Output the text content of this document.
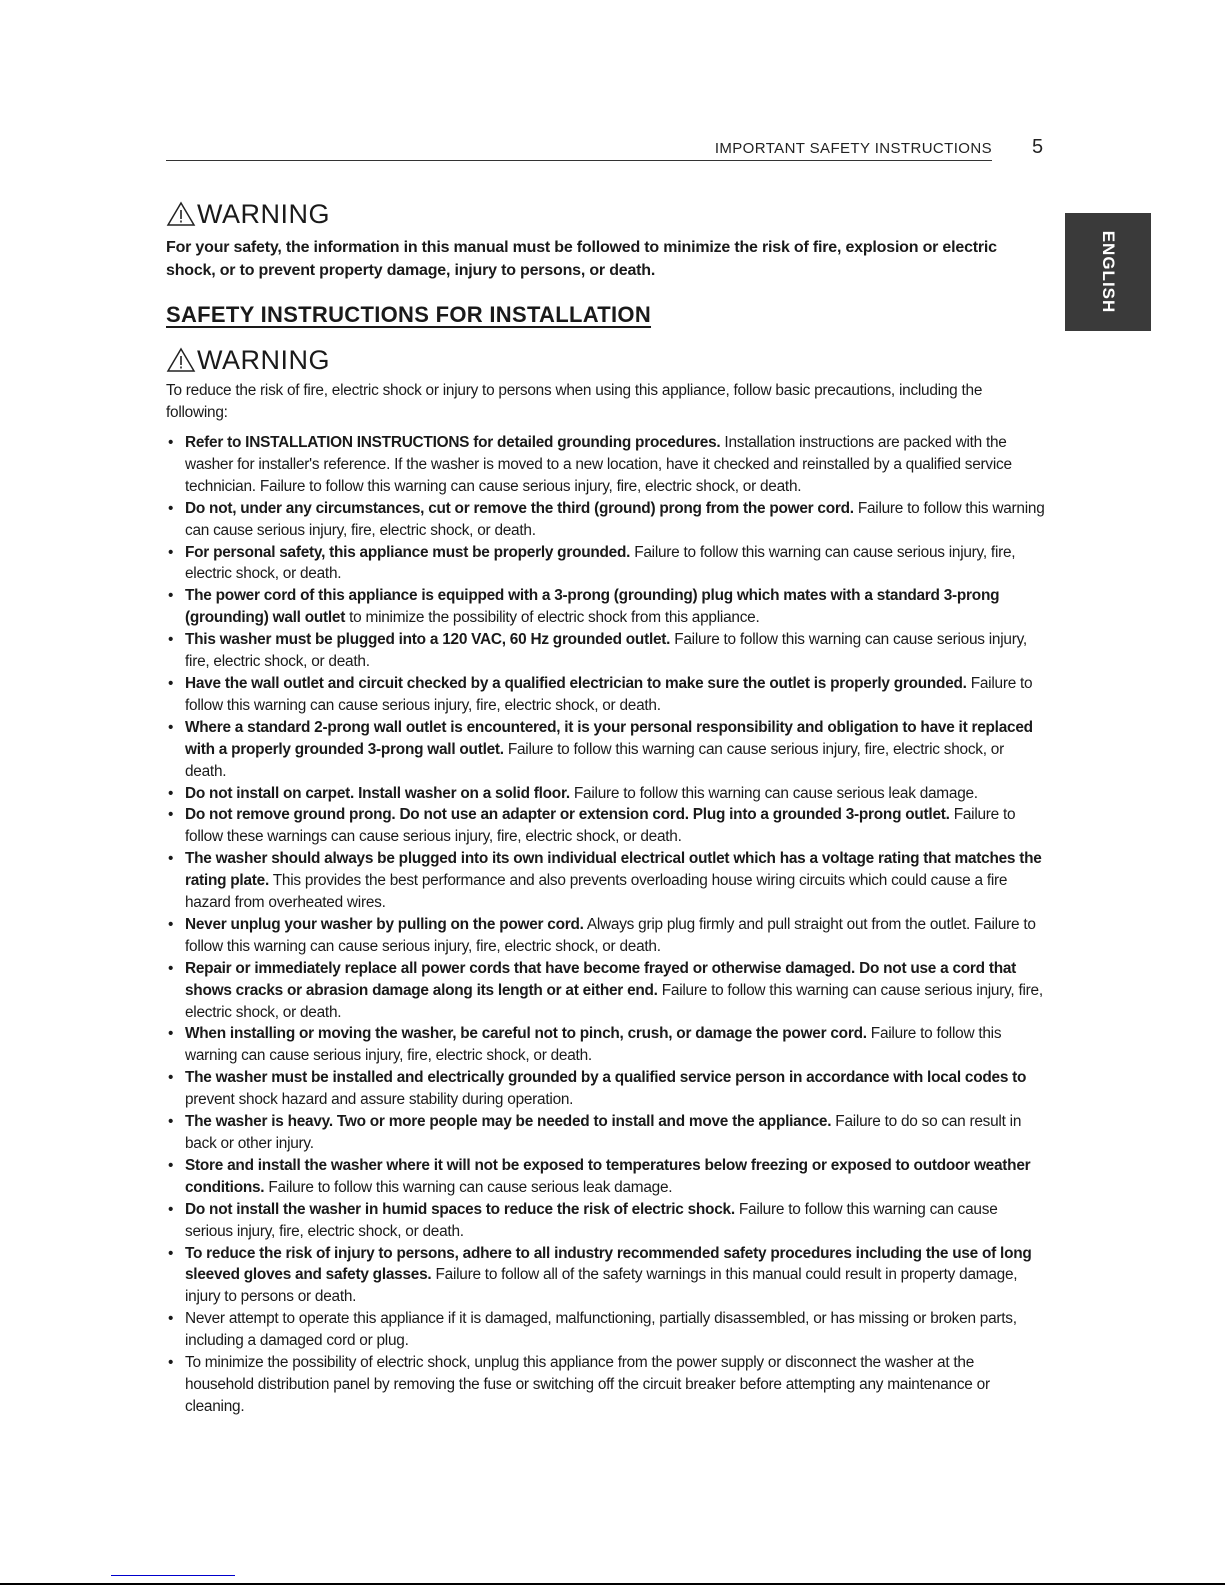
IMPORTANT SAFETY INSTRUCTIONS 5
ENGLISH
WARNING
For your safety, the information in this manual must be followed to minimize the risk of fire, explosion or electric shock, or to prevent property damage, injury to persons, or death.
SAFETY INSTRUCTIONS FOR INSTALLATION
WARNING
To reduce the risk of fire, electric shock or injury to persons when using this appliance, follow basic precautions, including the following:
• Refer to INSTALLATION INSTRUCTIONS for detailed grounding procedures. Installation instructions are packed with the washer for installer's reference. If the washer is moved to a new location, have it checked and reinstalled by a qualified service technician. Failure to follow this warning can cause serious injury, fire, electric shock, or death.
• Do not, under any circumstances, cut or remove the third (ground) prong from the power cord. Failure to follow this warning can cause serious injury, fire, electric shock, or death.
• For personal safety, this appliance must be properly grounded. Failure to follow this warning can cause serious injury, fire, electric shock, or death.
• The power cord of this appliance is equipped with a 3-prong (grounding) plug which mates with a standard 3-prong (grounding) wall outlet to minimize the possibility of electric shock from this appliance.
• This washer must be plugged into a 120 VAC, 60 Hz grounded outlet. Failure to follow this warning can cause serious injury, fire, electric shock, or death.
• Have the wall outlet and circuit checked by a qualified electrician to make sure the outlet is properly grounded. Failure to follow this warning can cause serious injury, fire, electric shock, or death.
• Where a standard 2-prong wall outlet is encountered, it is your personal responsibility and obligation to have it replaced with a properly grounded 3-prong wall outlet. Failure to follow this warning can cause serious injury, fire, electric shock, or death.
• Do not install on carpet. Install washer on a solid floor. Failure to follow this warning can cause serious leak damage.
• Do not remove ground prong. Do not use an adapter or extension cord. Plug into a grounded 3-prong outlet. Failure to follow these warnings can cause serious injury, fire, electric shock, or death.
• The washer should always be plugged into its own individual electrical outlet which has a voltage rating that matches the rating plate. This provides the best performance and also prevents overloading house wiring circuits which could cause a fire hazard from overheated wires.
• Never unplug your washer by pulling on the power cord. Always grip plug firmly and pull straight out from the outlet. Failure to follow this warning can cause serious injury, fire, electric shock, or death.
• Repair or immediately replace all power cords that have become frayed or otherwise damaged. Do not use a cord that shows cracks or abrasion damage along its length or at either end. Failure to follow this warning can cause serious injury, fire, electric shock, or death.
• When installing or moving the washer, be careful not to pinch, crush, or damage the power cord. Failure to follow this warning can cause serious injury, fire, electric shock, or death.
• The washer must be installed and electrically grounded by a qualified service person in accordance with local codes to prevent shock hazard and assure stability during operation.
• The washer is heavy. Two or more people may be needed to install and move the appliance. Failure to do so can result in back or other injury.
• Store and install the washer where it will not be exposed to temperatures below freezing or exposed to outdoor weather conditions. Failure to follow this warning can cause serious leak damage.
• Do not install the washer in humid spaces to reduce the risk of electric shock. Failure to follow this warning can cause serious injury, fire, electric shock, or death.
• To reduce the risk of injury to persons, adhere to all industry recommended safety procedures including the use of long sleeved gloves and safety glasses. Failure to follow all of the safety warnings in this manual could result in property damage, injury to persons or death.
• Never attempt to operate this appliance if it is damaged, malfunctioning, partially disassembled, or has missing or broken parts, including a damaged cord or plug.
• To minimize the possibility of electric shock, unplug this appliance from the power supply or disconnect the washer at the household distribution panel by removing the fuse or switching off the circuit breaker before attempting any maintenance or cleaning.
